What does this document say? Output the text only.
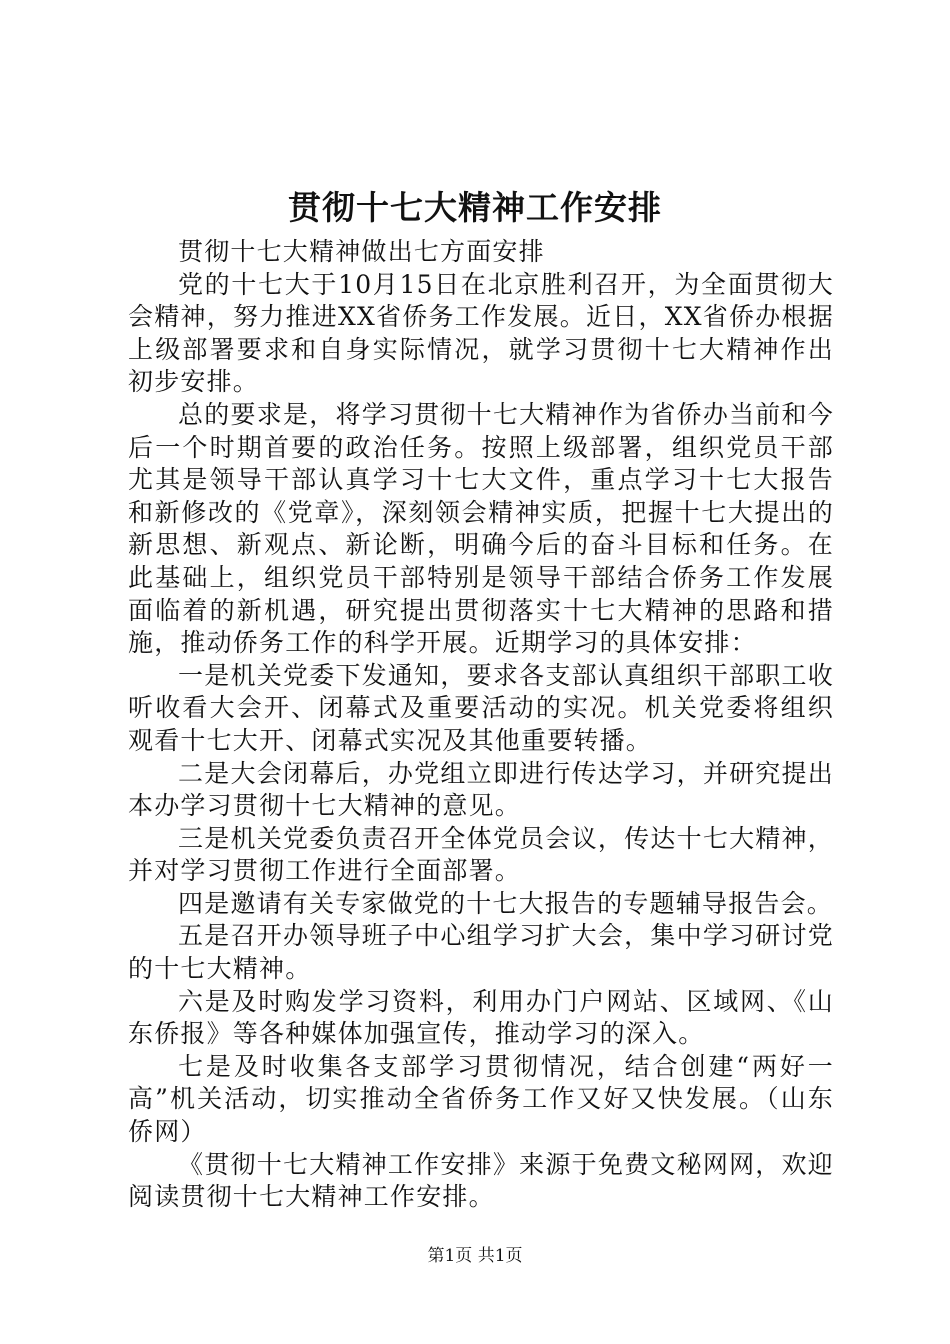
贯彻十七大精神工作安排

贯彻十七大精神做出七方面安排

党的十七大于10月15日在北京胜利召开，为全面贯彻大会精神，努力推进XX省侨务工作发展。近日，XX省侨办根据上级部署要求和自身实际情况，就学习贯彻十七大精神作出初步安排。

总的要求是，将学习贯彻十七大精神作为省侨办当前和今后一个时期首要的政治任务。按照上级部署，组织党员干部尤其是领导干部认真学习十七大文件，重点学习十七大报告和新修改的《党章》，深刻领会精神实质，把握十七大提出的新思想、新观点、新论断，明确今后的奋斗目标和任务。在此基础上，组织党员干部特别是领导干部结合侨务工作发展面临着的新机遇，研究提出贯彻落实十七大精神的思路和措施，推动侨务工作的科学开展。近期学习的具体安排：

一是机关党委下发通知，要求各支部认真组织干部职工收听收看大会开、闭幕式及重要活动的实况。机关党委将组织观看十七大开、闭幕式实况及其他重要转播。

二是大会闭幕后，办党组立即进行传达学习，并研究提出本办学习贯彻十七大精神的意见。

三是机关党委负责召开全体党员会议，传达十七大精神，并对学习贯彻工作进行全面部署。

四是邀请有关专家做党的十七大报告的专题辅导报告会。

五是召开办领导班子中心组学习扩大会，集中学习研讨党的十七大精神。

六是及时购发学习资料，利用办门户网站、区域网、《山东侨报》等各种媒体加强宣传，推动学习的深入。

七是及时收集各支部学习贯彻情况，结合创建“两好一高”机关活动，切实推动全省侨务工作又好又快发展。（山东侨网）

《贯彻十七大精神工作安排》来源于免费文秘网网，欢迎阅读贯彻十七大精神工作安排。

第1页 共1页
